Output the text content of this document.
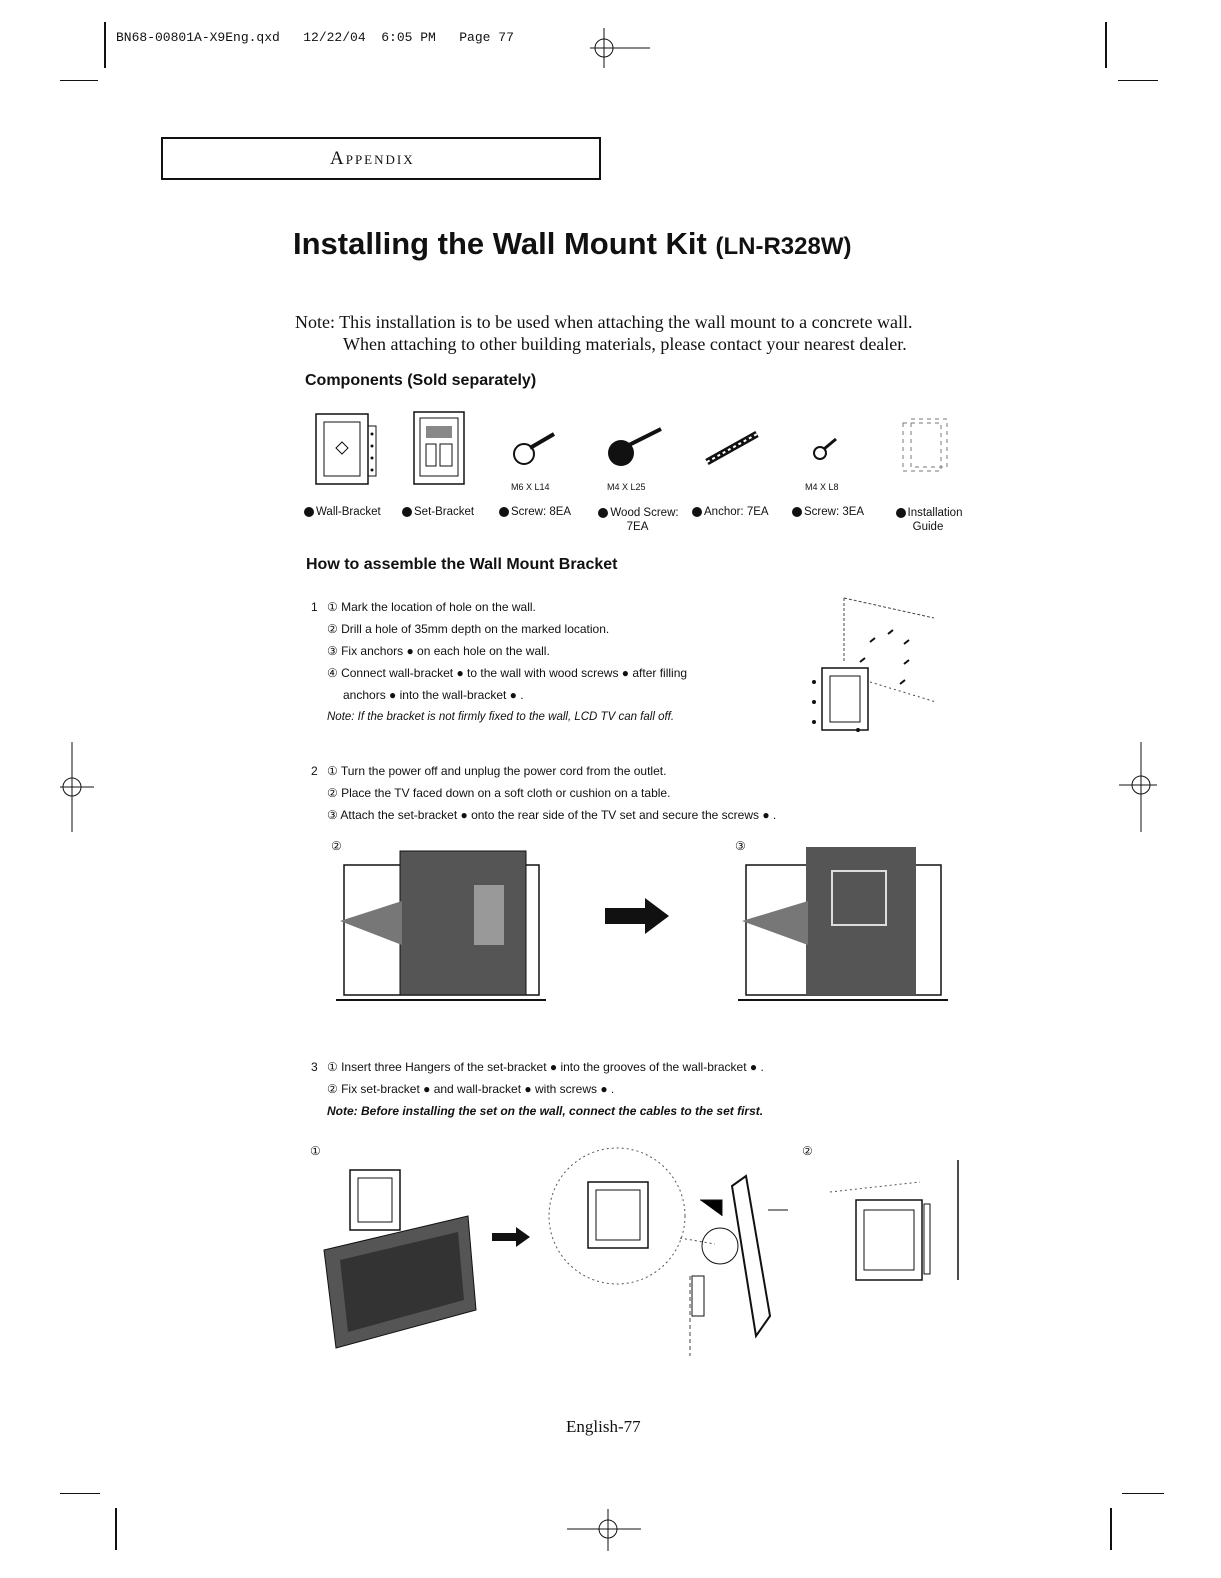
BN68-00801A-X9Eng.qxd   12/22/04  6:05 PM   Page 77
Appendix
Installing the Wall Mount Kit (LN-R328W)
Note: This installation is to be used when attaching the wall mount to a concrete wall.
When attaching to other building materials, please contact your nearest dealer.
Components (Sold separately)
M6 X L14	M4 X L25	M4 X L8
Wall-Bracket	Set-Bracket	Screw: 8EA	Wood Screw: 7EA
Anchor: 7EA	Screw: 3EA	Installation Guide
How to assemble the Wall Mount Bracket
1 ① Mark the location of hole on the wall.
② Drill a hole of 35mm depth on the marked location.
③ Fix anchors ● on each hole on the wall.
④ Connect wall-bracket ● to the wall with wood screws ● after filling
anchors ● into the wall-bracket ● .
Note: If the bracket is not firmly fixed to the wall, LCD TV can fall off.
2 ① Turn the power off and unplug the power cord from the outlet.
② Place the TV faced down on a soft cloth or cushion on a table.
③ Attach the set-bracket ● onto the rear side of the TV set and secure the screws ● .
②	③
3 ① Insert three Hangers of the set-bracket ● into the grooves of the wall-bracket ● .
② Fix set-bracket ● and wall-bracket ● with screws ● .
Note: Before installing the set on the wall, connect the cables to the set first.
①	②
English-77
